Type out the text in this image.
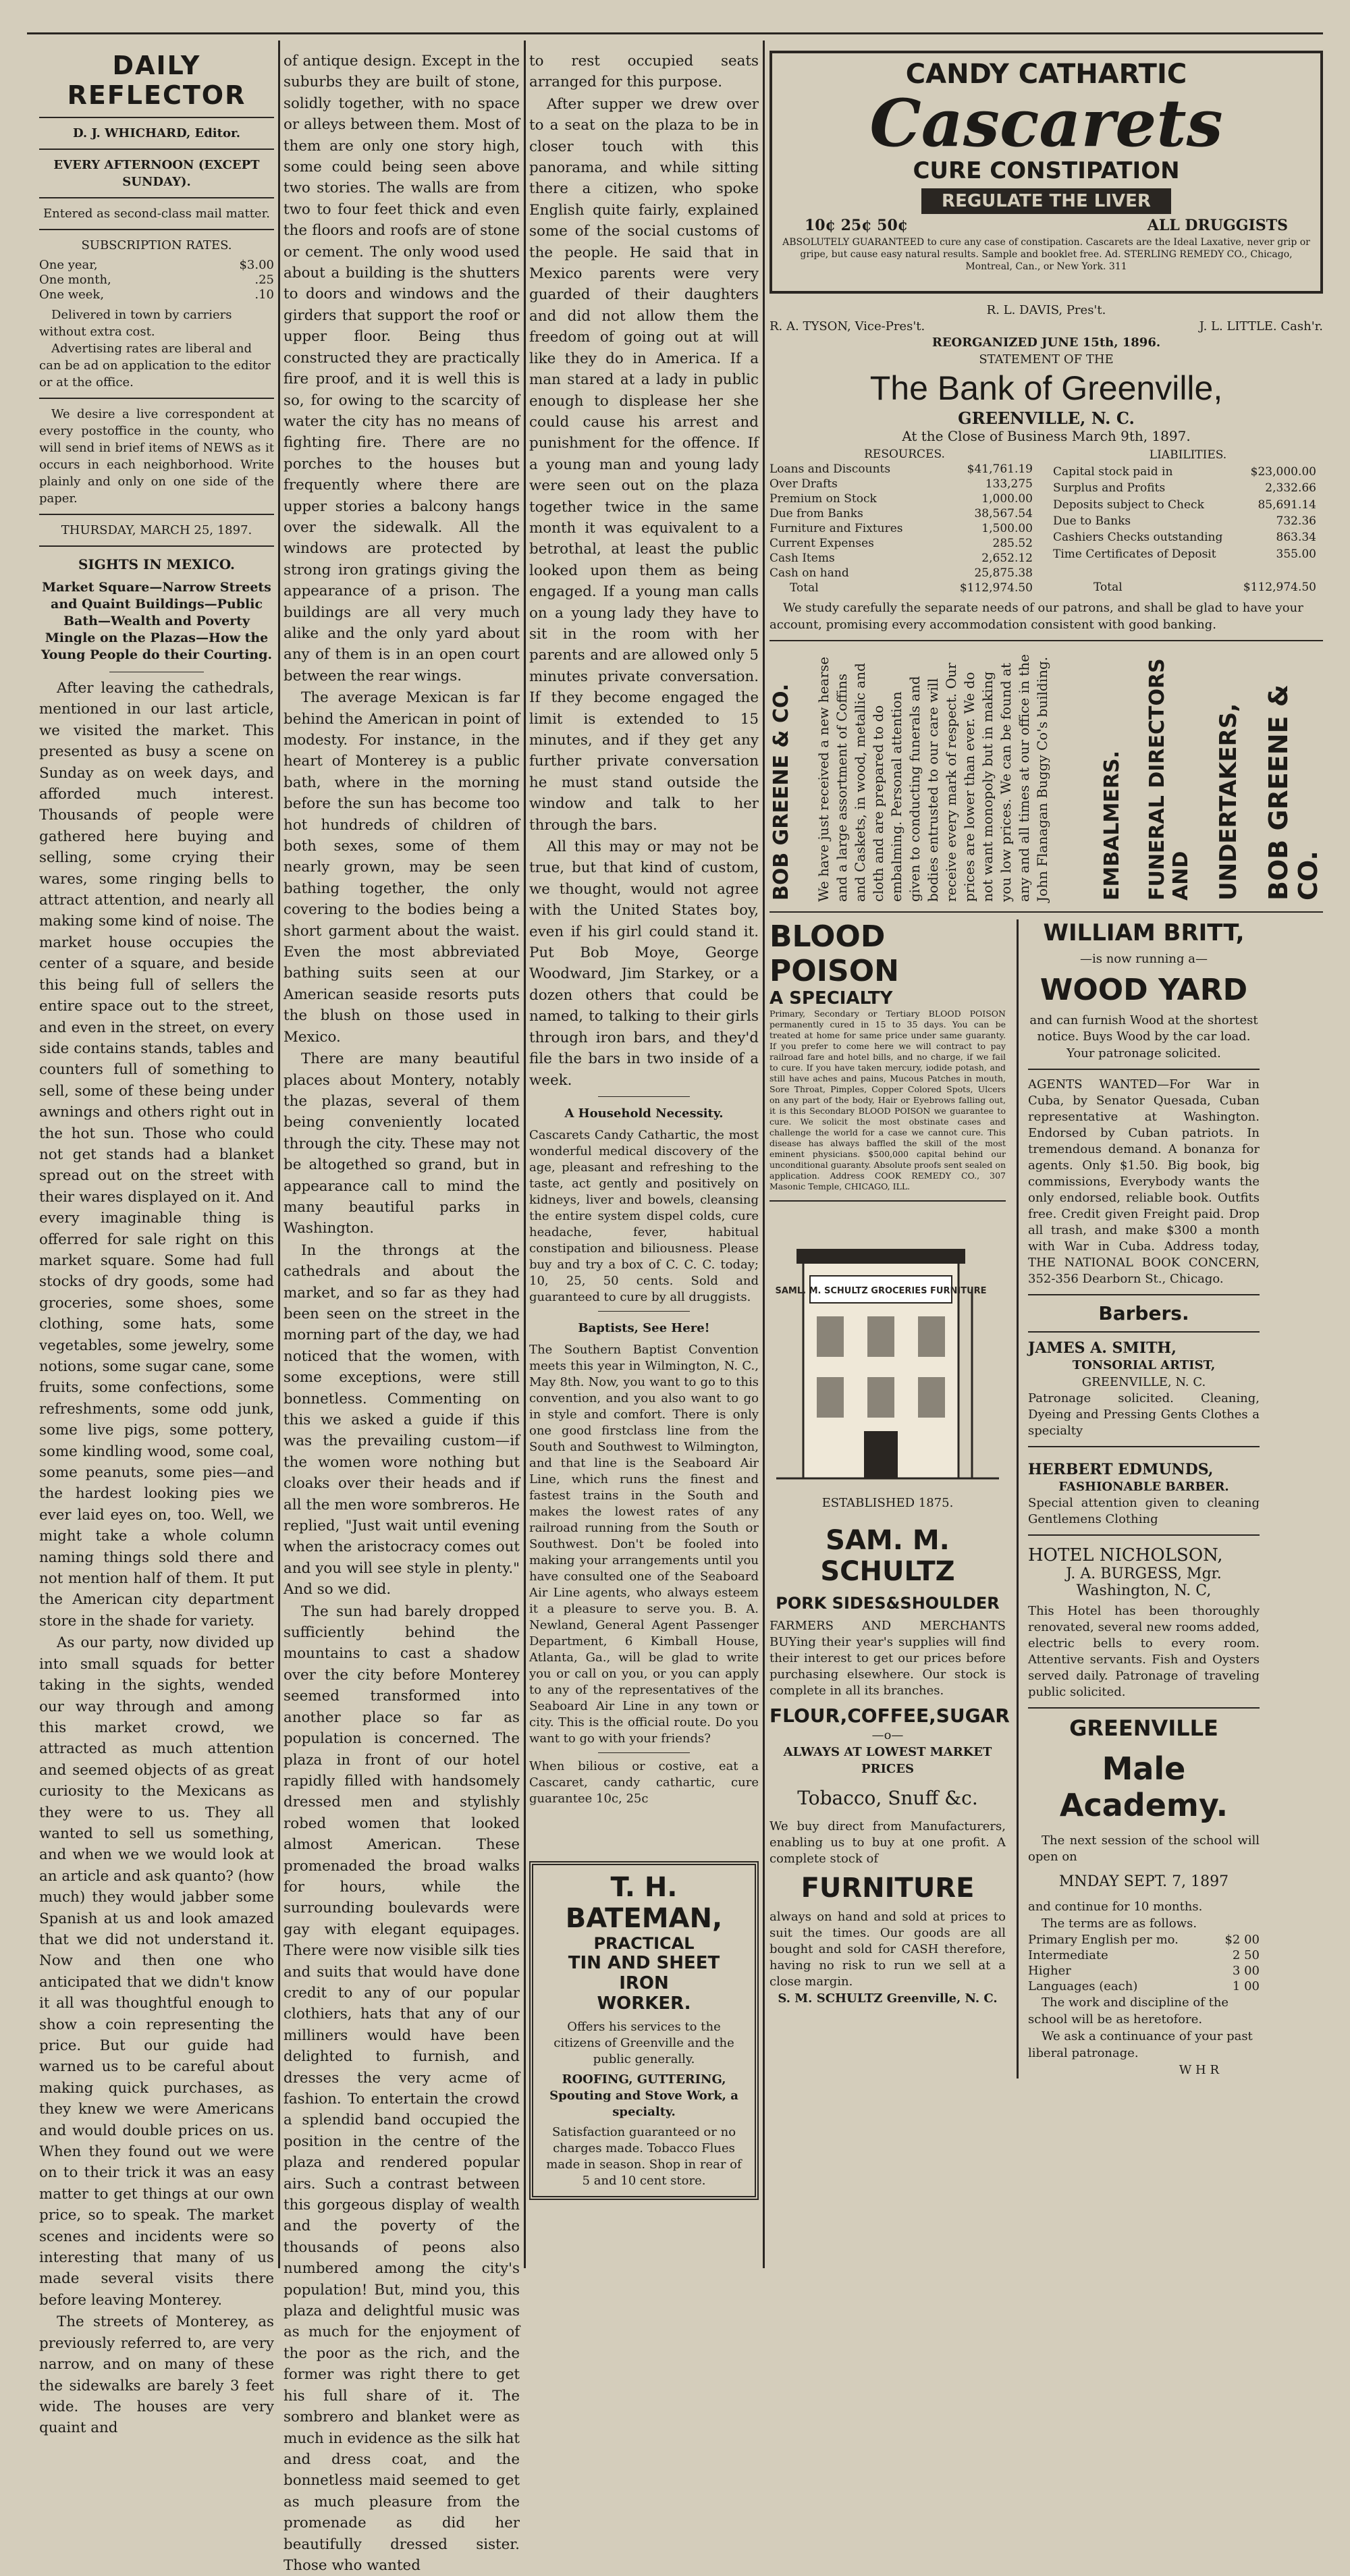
DAILY REFLECTOR
D. J. WHICHARD, Editor.
EVERY AFTERNOON (EXCEPT SUNDAY).
Entered as second-class mail matter.
SUBSCRIPTION RATES.
One year,	$3.00
One month,	.25
One week,	.10
Delivered in town by carriers without extra cost.
Advertising rates are liberal and can be ad on application to the editor or at the office.
We desire a live correspondent at every postoffice in the county, who will send in brief items of NEWS as it occurs in each neighborhood. Write plainly and only on one side of the paper.
THURSDAY, MARCH 25, 1897.
SIGHTS IN MEXICO.
Market Square—Narrow Streets and Quaint Buildings—Public Bath—Wealth and Poverty Mingle on the Plazas—How the Young People do their Courting.

After leaving the cathedrals, mentioned in our last article, we visited the market. This presented as busy a scene on Sunday as on week days, and afforded much interest. Thousands of people were gathered here buying and selling, some crying their wares, some ringing bells to attract attention, and nearly all making some kind of noise. The market house occupies the center of a square, and beside this being full of sellers the entire space out to the street, and even in the street, on every side contains stands, tables and counters full of something to sell, some of these being under awnings and others right out in the hot sun. Those who could not get stands had a blanket spread out on the street with their wares displayed on it. And every imaginable thing is offerred for sale right on this market square. Some had full stocks of dry goods, some had groceries, some shoes, some clothing, some hats, some vegetables, some jewelry, some notions, some sugar cane, some fruits, some confections, some refreshments, some odd junk, some live pigs, some pottery, some kindling wood, some coal, some peanuts, some pies—and the hardest looking pies we ever laid eyes on, too. Well, we might take a whole column naming things sold there and not mention half of them. It put the American city department store in the shade for variety.

As our party, now divided up into small squads for better taking in the sights, wended our way through and among this market crowd, we attracted as much attention and seemed objects of as great curiosity to the Mexicans as they were to us. They all wanted to sell us something, and when we we would look at an article and ask quanto? (how much) they would jabber some Spanish at us and look amazed that we did not understand it. Now and then one who anticipated that we didn't know it all was thoughtful enough to show a coin representing the price. But our guide had warned us to be careful about making quick purchases, as they knew we were Americans and would double prices on us. When they found out we were on to their trick it was an easy matter to get things at our own price, so to speak. The market scenes and incidents were so interesting that many of us made several visits there before leaving Monterey.

The streets of Monterey, as previously referred to, are very narrow, and on many of these the sidewalks are barely 3 feet wide. The houses are very quaint and

of antique design. Except in the suburbs they are built of stone, solidly together, with no space or alleys between them. Most of them are only one story high, some could being seen above two stories. The walls are from two to four feet thick and even the floors and roofs are of stone or cement. The only wood used about a building is the shutters to doors and windows and the girders that support the roof or upper floor. Being thus constructed they are practically fire proof, and it is well this is so, for owing to the scarcity of water the city has no means of fighting fire. There are no porches to the houses but frequently where there are upper stories a balcony hangs over the sidewalk. All the windows are protected by strong iron gratings giving the appearance of a prison. The buildings are all very much alike and the only yard about any of them is in an open court between the rear wings.

The average Mexican is far behind the American in point of modesty. For instance, in the heart of Monterey is a public bath, where in the morning before the sun has become too hot hundreds of children of both sexes, some of them nearly grown, may be seen bathing together, the only covering to the bodies being a short garment about the waist. Even the most abbreviated bathing suits seen at our American seaside resorts puts the blush on those used in Mexico.

There are many beautiful places about Montery, notably the plazas, several of them being conveniently located through the city. These may not be altogethed so grand, but in appearance call to mind the many beautiful parks in Washington.

In the throngs at the cathedrals and about the market, and so far as they had been seen on the street in the morning part of the day, we had noticed that the women, with some exceptions, were still bonnetless. Commenting on this we asked a guide if this was the prevailing custom—if the women wore nothing but cloaks over their heads and if all the men wore sombreros. He replied, "Just wait until evening when the aristocracy comes out and you will see style in plenty." And so we did.

The sun had barely dropped sufficiently behind the mountains to cast a shadow over the city before Monterey seemed transformed into another place so far as population is concerned. The plaza in front of our hotel rapidly filled with handsomely dressed men and stylishly robed women that looked almost American. These promenaded the broad walks for hours, while the surrounding boulevards were gay with elegant equipages. There were now visible silk ties and suits that would have done credit to any of our popular clothiers, hats that any of our milliners would have been delighted to furnish, and dresses the very acme of fashion. To entertain the crowd a splendid band occupied the position in the centre of the plaza and rendered popular airs. Such a contrast between this gorgeous display of wealth and the poverty of the thousands of peons also numbered among the city's population! But, mind you, this plaza and delightful music was as much for the enjoyment of the poor as the rich, and the former was right there to get his full share of it. The sombrero and blanket were as much in evidence as the silk hat and dress coat, and the bonnetless maid seemed to get as much pleasure from the promenade as did her beautifully dressed sister. Those who wanted

to rest occupied seats arranged for this purpose.

After supper we drew over to a seat on the plaza to be in closer touch with this panorama, and while sitting there a citizen, who spoke English quite fairly, explained some of the social customs of the people. He said that in Mexico parents were very guarded of their daughters and did not allow them the freedom of going out at will like they do in America. If a man stared at a lady in public enough to displease her she could cause his arrest and punishment for the offence. If a young man and young lady were seen out on the plaza together twice in the same month it was equivalent to a betrothal, at least the public looked upon them as being engaged. If a young man calls on a young lady they have to sit in the room with her parents and are allowed only 5 minutes private conversation. If they become engaged the limit is extended to 15 minutes, and if they get any further private conversation he must stand outside the window and talk to her through the bars.

All this may or may not be true, but that kind of custom, we thought, would not agree with the United States boy, even if his girl could stand it. Put Bob Moye, George Woodward, Jim Starkey, or a dozen others that could be named, to talking to their girls through iron bars, and they'd file the bars in two inside of a week.

A Household Necessity.
Cascarets Candy Cathartic, the most wonderful medical discovery of the age, pleasant and refreshing to the taste, act gently and positively on kidneys, liver and bowels, cleansing the entire system dispel colds, cure headache, fever, habitual constipation and biliousness. Please buy and try a box of C. C. C. today; 10, 25, 50 cents. Sold and guaranteed to cure by all druggists.
Baptists, See Here!
The Southern Baptist Convention meets this year in Wilmington, N. C., May 8th. Now, you want to go to this convention, and you also want to go in style and comfort. There is only one good firstclass line from the South and Southwest to Wilmington, and that line is the Seaboard Air Line, which runs the finest and fastest trains in the South and makes the lowest rates of any railroad running from the South or Southwest. Don't be fooled into making your arrangements until you have consulted one of the Seaboard Air Line agents, who always esteem it a pleasure to serve you. B. A. Newland, General Agent Passenger Department, 6 Kimball House, Atlanta, Ga., will be glad to write you or call on you, or you can apply to any of the representatives of the Seaboard Air Line in any town or city. This is the official route. Do you want to go with your friends?
When bilious or costive, eat a Cascaret, candy cathartic, cure guarantee 10c, 25c
T. H. BATEMAN,
PRACTICAL
TIN AND SHEET IRON
WORKER.
Offers his services to the citizens of Greenville and the public generally.
ROOFING, GUTTERING, Spouting and Stove Work, a specialty.
Satisfaction guaranteed or no charges made. Tobacco Flues made in season. Shop in rear of 5 and 10 cent store.
CANDY CATHARTIC
Cascarets
CURE CONSTIPATION
REGULATE THE LIVER
10¢ 25¢ 50¢	ALL DRUGGISTS
ABSOLUTELY GUARANTEED to cure any case of constipation. Cascarets are the Ideal Laxative, never grip or gripe, but cause easy natural results. Sample and booklet free. Ad. STERLING REMEDY CO., Chicago, Montreal, Can., or New York. 311
R. L. DAVIS, Pres't.
R. A. TYSON, Vice-Pres't.	J. L. LITTLE. Cash'r.
REORGANIZED JUNE 15th, 1896.
STATEMENT OF THE
The Bank of Greenville,
GREENVILLE, N. C.
At the Close of Business March 9th, 1897.
RESOURCES.	
Loans and Discounts	$41,761.19
Over Drafts	133,275
Premium on Stock	1,000.00
Due from Banks	38,567.54
Furniture and Fixtures	1,500.00
Current Expenses	285.52
Cash Items	2,652.12
Cash on hand	25,875.38
Total	$112,974.50
LIABILITIES.	
Capital stock paid in	$23,000.00
Surplus and Profits	2,332.66
Deposits subject to Check	85,691.14
Due to Banks	732.36
Cashiers Checks outstanding	863.34
Time Certificates of Deposit	355.00

Total	$112,974.50
We study carefully the separate needs of our patrons, and shall be glad to have your account, promising every accommodation consistent with good banking.
BOB GREENE & CO.
UNDERTAKERS,
FUNERAL DIRECTORS AND
EMBALMERS.
We have just received a new hearse and a large assortment of Coffins and Caskets, in wood, metallic and cloth and are prepared to do embalming. Personal attention given to conducting funerals and bodies entrusted to our care will receive every mark of respect. Our prices are lower than ever. We do not want monopoly but in making you low prices. We can be found at any and all times at our office in the John Flanagan Buggy Co's building.
BOB GREENE & CO.
BLOOD POISON
A SPECIALTY
Primary, Secondary or Tertiary BLOOD POISON permanently cured in 15 to 35 days. You can be treated at home for same price under same guaranty. If you prefer to come here we will contract to pay railroad fare and hotel bills, and no charge, if we fail to cure. If you have taken mercury, iodide potash, and still have aches and pains, Mucous Patches in mouth, Sore Throat, Pimples, Copper Colored Spots, Ulcers on any part of the body, Hair or Eyebrows falling out, it is this Secondary BLOOD POISON we guarantee to cure. We solicit the most obstinate cases and challenge the world for a case we cannot cure. This disease has always baffled the skill of the most eminent physicians. $500,000 capital behind our unconditional guaranty. Absolute proofs sent sealed on application. Address COOK REMEDY CO., 307 Masonic Temple, CHICAGO, ILL.
SAML. M. SCHULTZ GROCERIES FURNITURE
ESTABLISHED 1875.
SAM. M. SCHULTZ
PORK SIDES&SHOULDER
FARMERS AND MERCHANTS BUYing their year's supplies will find their interest to get our prices before purchasing elsewhere. Our stock is complete in all its branches.
FLOUR,COFFEE,SUGAR
—o—
ALWAYS AT LOWEST MARKET PRICES
Tobacco, Snuff &c.
We buy direct from Manufacturers, enabling us to buy at one profit. A complete stock of
FURNITURE
always on hand and sold at prices to suit the times. Our goods are all bought and sold for CASH therefore, having no risk to run we sell at a close margin.
S. M. SCHULTZ Greenville, N. C.
WILLIAM BRITT,
—is now running a—
WOOD YARD
and can furnish Wood at the shortest notice. Buys Wood by the car load.
Your patronage solicited.
AGENTS WANTED—For War in Cuba, by Senator Quesada, Cuban representative at Washington. Endorsed by Cuban patriots. In tremendous demand. A bonanza for agents. Only $1.50. Big book, big commissions, Everybody wants the only endorsed, reliable book. Outfits free. Credit given Freight paid. Drop all trash, and make $300 a month with War in Cuba. Address today, THE NATIONAL BOOK CONCERN, 352-356 Dearborn St., Chicago.
Barbers.
JAMES A. SMITH,
TONSORIAL ARTIST,
GREENVILLE, N. C.
Patronage solicited. Cleaning, Dyeing and Pressing Gents Clothes a specialty
HERBERT EDMUNDS,
FASHIONABLE BARBER.
Special attention given to cleaning Gentlemens Clothing
HOTEL NICHOLSON,
J. A. BURGESS, Mgr.
Washington, N. C,
This Hotel has been thoroughly renovated, several new rooms added, electric bells to every room. Attentive servants. Fish and Oysters served daily. Patronage of traveling public solicited.
GREENVILLE
Male Academy.
The next session of the school will open on
MNDAY SEPT. 7, 1897
and continue for 10 months.
The terms are as follows.
Primary English per mo.	$2 00
Intermediate	2 50
Higher	3 00
Languages (each)	1 00
The work and discipline of the school will be as heretofore.
We ask a continuance of your past liberal patronage.
W H R
